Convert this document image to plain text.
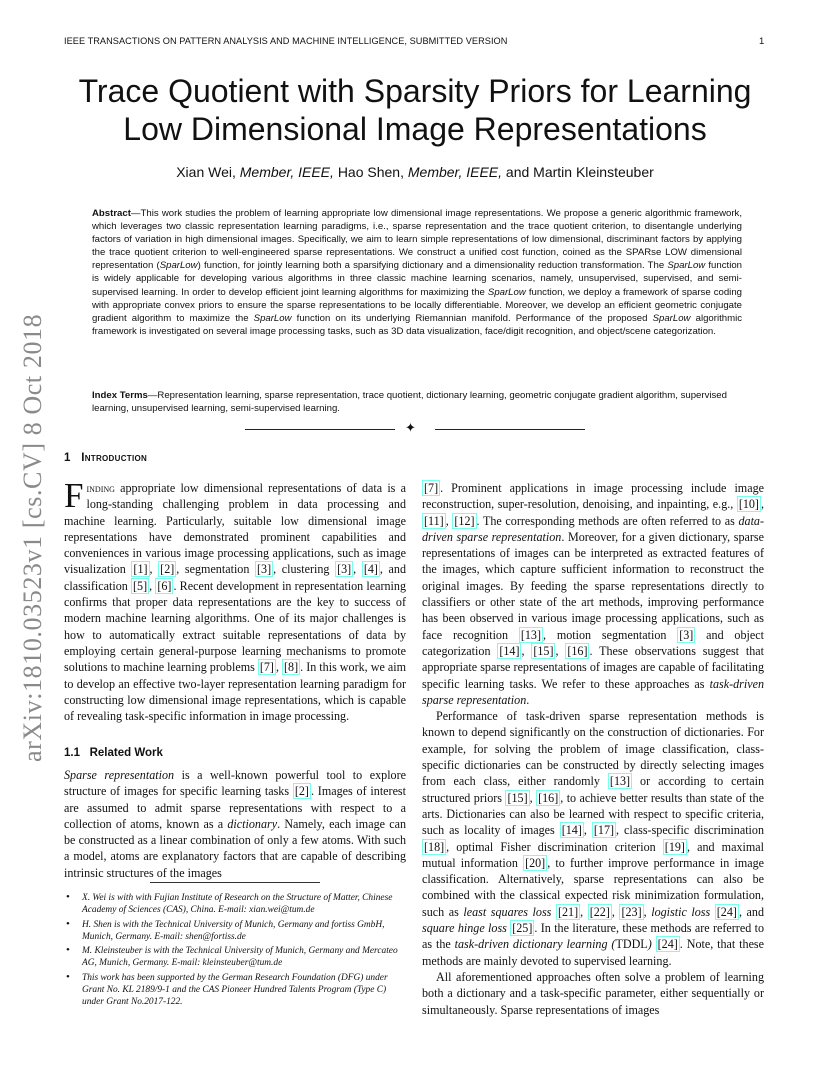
IEEE TRANSACTIONS ON PATTERN ANALYSIS AND MACHINE INTELLIGENCE, SUBMITTED VERSION	1
Trace Quotient with Sparsity Priors for Learning
Low Dimensional Image Representations
Xian Wei, Member, IEEE, Hao Shen, Member, IEEE, and Martin Kleinsteuber
Abstract—This work studies the problem of learning appropriate low dimensional image representations. We propose a generic algorithmic framework, which leverages two classic representation learning paradigms, i.e., sparse representation and the trace quotient criterion, to disentangle underlying factors of variation in high dimensional images. Specifically, we aim to learn simple representations of low dimensional, discriminant factors by applying the trace quotient criterion to well-engineered sparse representations. We construct a unified cost function, coined as the SPARse LOW dimensional representation (SparLow) function, for jointly learning both a sparsifying dictionary and a dimensionality reduction transformation. The SparLow function is widely applicable for developing various algorithms in three classic machine learning scenarios, namely, unsupervised, supervised, and semi-supervised learning. In order to develop efficient joint learning algorithms for maximizing the SparLow function, we deploy a framework of sparse coding with appropriate convex priors to ensure the sparse representations to be locally differentiable. Moreover, we develop an efficient geometric conjugate gradient algorithm to maximize the SparLow function on its underlying Riemannian manifold. Performance of the proposed SparLow algorithmic framework is investigated on several image processing tasks, such as 3D data visualization, face/digit recognition, and object/scene categorization.
Index Terms—Representation learning, sparse representation, trace quotient, dictionary learning, geometric conjugate gradient algorithm, supervised learning, unsupervised learning, semi-supervised learning.
✦
arXiv:1810.03523v1 [cs.CV] 8 Oct 2018 1 Introduction
Finding appropriate low dimensional representations of data is a long-standing challenging problem in data processing and machine learning. Particularly, suitable low dimensional image representations have demonstrated prominent capabilities and conveniences in various image processing applications, such as image visualization [1] , [2] , segmentation [3] , clustering [3] , [4] , and classification [5] , [6] . Recent development in representation learning confirms that proper data representations are the key to success of modern machine learning algorithms. One of its major challenges is how to automatically extract suitable representations of data by employing certain general-purpose learning mechanisms to promote solutions to machine learning problems [7] , [8] . In this work, we aim to develop an effective two-layer representation learning paradigm for constructing low dimensional image representations, which is capable of revealing task-specific information in image processing.
1.1 Related Work
Sparse representation is a well-known powerful tool to explore structure of images for specific learning tasks [2] . Images of interest are assumed to admit sparse representations with respect to a collection of atoms, known as a dictionary. Namely, each image can be constructed as a linear combination of only a few atoms. With such a model, atoms are explanatory factors that are capable of describing intrinsic structures of the images
• X. Wei is with with Fujian Institute of Research on the Structure of Matter, Chinese Academy of Sciences (CAS), China. E-mail: xian.wei@tum.de
• H. Shen is with the Technical University of Munich, Germany and fortiss GmbH, Munich, Germany. E-mail: shen@fortiss.de
• M. Kleinsteuber is with the Technical University of Munich, Germany and Mercateo AG, Munich, Germany. E-mail: kleinsteuber@tum.de
• This work has been supported by the German Research Foundation (DFG) under Grant No. KL 2189/9-1 and the CAS Pioneer Hundred Talents Program (Type C) under Grant No.2017-122.

[7] . Prominent applications in image processing include image reconstruction, super-resolution, denoising, and inpainting, e.g., [10] , [11] , [12] . The corresponding methods are often referred to as data-driven sparse representation. Moreover, for a given dictionary, sparse representations of images can be interpreted as extracted features of the images, which capture sufficient information to reconstruct the original images. By feeding the sparse representations directly to classifiers or other state of the art methods, improving performance has been observed in various image processing applications, such as face recognition [13] , motion segmentation [3] and object categorization [14] , [15] , [16] . These observations suggest that appropriate sparse representations of images are capable of facilitating specific learning tasks. We refer to these approaches as task-driven sparse representation.

Performance of task-driven sparse representation methods is known to depend significantly on the construction of dictionaries. For example, for solving the problem of image classification, class-specific dictionaries can be constructed by directly selecting images from each class, either randomly [13] or according to certain structured priors [15] , [16] , to achieve better results than state of the arts. Dictionaries can also be learned with respect to specific criteria, such as locality of images [14] , [17] , class-specific discrimination [18] , optimal Fisher discrimination criterion [19] , and maximal mutual information [20] , to further improve performance in image classification. Alternatively, sparse representations can also be combined with the classical expected risk minimization formulation, such as least squares loss [21] , [22] , [23] , logistic loss [24] , and square hinge loss [25] . In the literature, these methods are referred to as the task-driven dictionary learning (TDDL) [24] . Note, that these methods are mainly devoted to supervised learning.

All aforementioned approaches often solve a problem of learning both a dictionary and a task-specific parameter, either sequentially or simultaneously. Sparse representations of images
